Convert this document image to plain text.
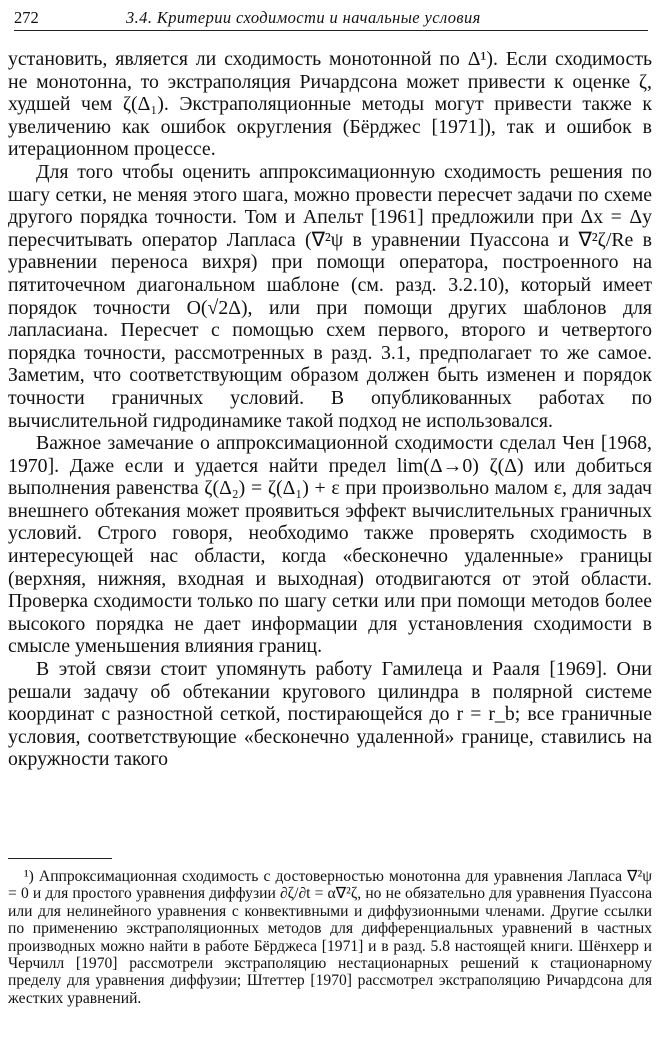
272	3.4. Критерии сходимости и начальные условия

установить, является ли сходимость монотонной по Δ¹). Если сходимость не монотонна, то экстраполяция Ричардсона может привести к оценке ζ, худшей чем ζ(Δ₁). Экстраполяционные методы могут привести также к увеличению как ошибок округления (Бёрджес [1971]), так и ошибок в итерационном процессе.

Для того чтобы оценить аппроксимационную сходимость решения по шагу сетки, не меняя этого шага, можно провести пересчет задачи по схеме другого порядка точности. Том и Апельт [1961] предложили при Δx = Δy пересчитывать оператор Лапласа (∇²ψ в уравнении Пуассона и ∇²ζ/Re в уравнении переноса вихря) при помощи оператора, построенного на пятиточечном диагональном шаблоне (см. разд. 3.2.10), который имеет порядок точности O(√2Δ), или при помощи других шаблонов для лапласиана. Пересчет с помощью схем первого, второго и четвертого порядка точности, рассмотренных в разд. 3.1, предполагает то же самое. Заметим, что соответствующим образом должен быть изменен и порядок точности граничных условий. В опубликованных работах по вычислительной гидродинамике такой подход не использовался.

Важное замечание о аппроксимационной сходимости сделал Чен [1968, 1970]. Даже если и удается найти предел lim(Δ→0) ζ(Δ) или добиться выполнения равенства ζ(Δ₂) = ζ(Δ₁) + ε при произвольно малом ε, для задач внешнего обтекания может проявиться эффект вычислительных граничных условий. Строго говоря, необходимо также проверять сходимость в интересующей нас области, когда «бесконечно удаленные» границы (верхняя, нижняя, входная и выходная) отодвигаются от этой области. Проверка сходимости только по шагу сетки или при помощи методов более высокого порядка не дает информации для установления сходимости в смысле уменьшения влияния границ.

В этой связи стоит упомянуть работу Гамилеца и Рааля [1969]. Они решали задачу об обтекании кругового цилиндра в полярной системе координат с разностной сеткой, постирающейся до r = r_b; все граничные условия, соответствующие «бесконечно удаленной» границе, ставились на окружности такого

¹) Аппроксимационная сходимость с достоверностью монотонна для уравнения Лапласа ∇²ψ = 0 и для простого уравнения диффузии ∂ζ/∂t = α∇²ζ, но не обязательно для уравнения Пуассона или для нелинейного уравнения с конвективными и диффузионными членами. Другие ссылки по применению экстраполяционных методов для дифференциальных уравнений в частных производных можно найти в работе Бёрджеса [1971] и в разд. 5.8 настоящей книги. Шёнхерр и Черчилл [1970] рассмотрели экстраполяцию нестационарных решений к стационарному пределу для уравнения диффузии; Штеттер [1970] рассмотрел экстраполяцию Ричардсона для жестких уравнений.
